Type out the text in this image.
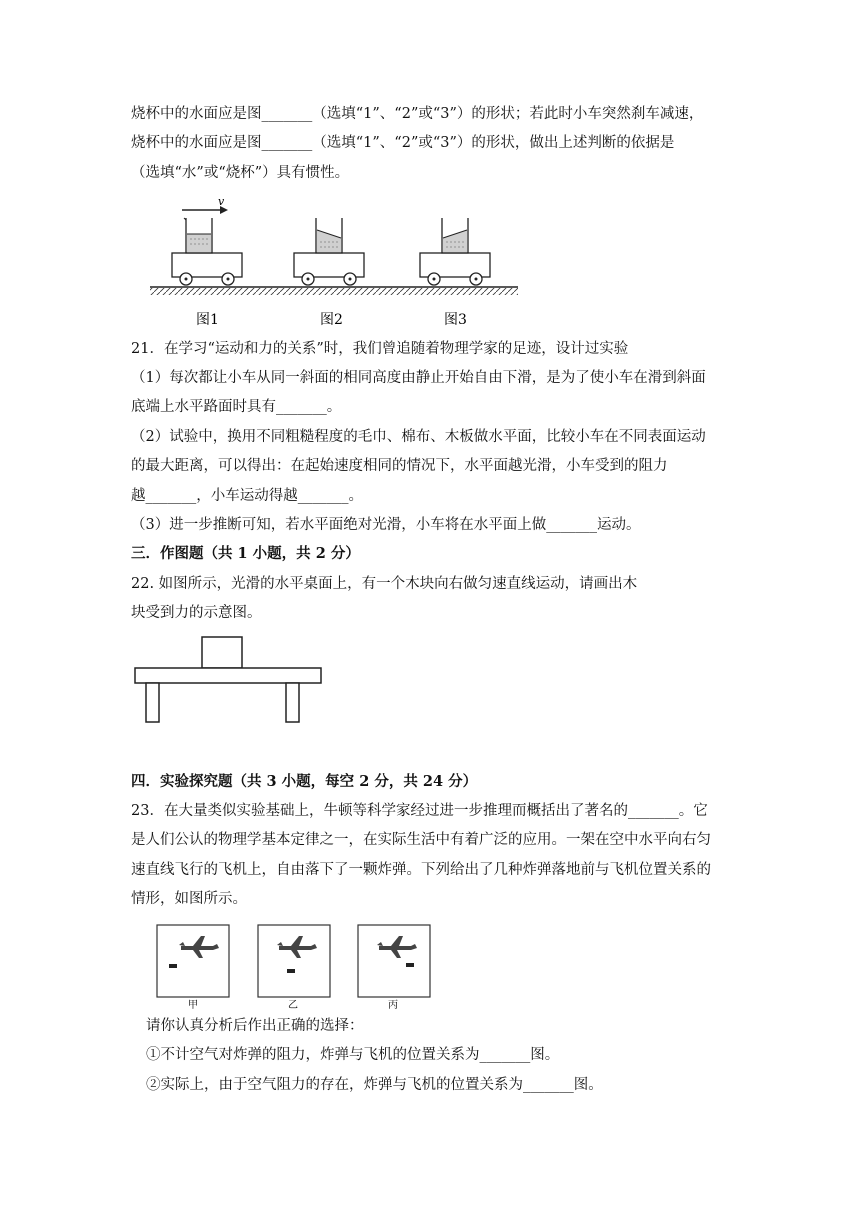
烧杯中的水面应是图_______（选填“1”、“2”或“3”）的形状；若此时小车突然刹车减速，
烧杯中的水面应是图_______（选填“1”、“2”或“3”）的形状，做出上述判断的依据是
（选填“水”或“烧杯”）具有惯性。
v
图1	图2	图3
21．在学习“运动和力的关系”时，我们曾追随着物理学家的足迹，设计过实验
（1）每次都让小车从同一斜面的相同高度由静止开始自由下滑，是为了使小车在滑到斜面
底端上水平路面时具有_______。
（2）试验中，换用不同粗糙程度的毛巾、棉布、木板做水平面，比较小车在不同表面运动
的最大距离，可以得出：在起始速度相同的情况下，水平面越光滑，小车受到的阻力
越_______，小车运动得越_______。
（3）进一步推断可知，若水平面绝对光滑，小车将在水平面上做_______运动。
三．作图题（共 1 小题，共 2 分）
22. 如图所示，光滑的水平桌面上，有一个木块向右做匀速直线运动，请画出木
块受到力的示意图。
四．实验探究题（共 3 小题，每空 2 分，共 24 分）
23．在大量类似实验基础上，牛顿等科学家经过进一步推理而概括出了著名的_______。它
是人们公认的物理学基本定律之一，在实际生活中有着广泛的应用。一架在空中水平向右匀
速直线飞行的飞机上，自由落下了一颗炸弹。下列给出了几种炸弹落地前与飞机位置关系的
情形，如图所示。
甲	乙	丙
请你认真分析后作出正确的选择：
①不计空气对炸弹的阻力，炸弹与飞机的位置关系为_______图。
②实际上，由于空气阻力的存在，炸弹与飞机的位置关系为_______图。
